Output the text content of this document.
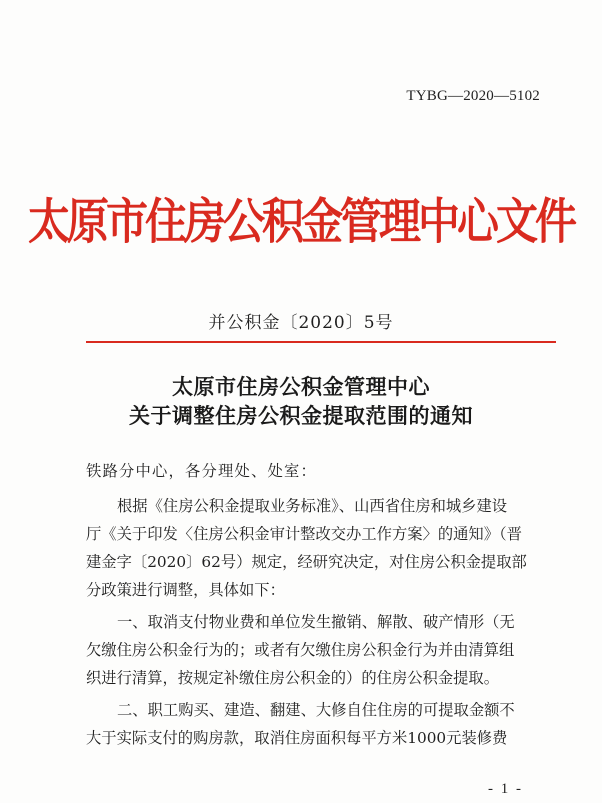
TYBG—2020—5102
太原市住房公积金管理中心文件
并公积金〔2020〕5号
太原市住房公积金管理中心
关于调整住房公积金提取范围的通知
铁路分中心，各分理处、处室：
根据《住房公积金提取业务标准》、山西省住房和城乡建设
厅《关于印发〈住房公积金审计整改交办工作方案〉的通知》（晋
建金字〔2020〕62号）规定，经研究决定，对住房公积金提取部
分政策进行调整，具体如下：
一、取消支付物业费和单位发生撤销、解散、破产情形（无
欠缴住房公积金行为的；或者有欠缴住房公积金行为并由清算组
织进行清算，按规定补缴住房公积金的）的住房公积金提取。
二、职工购买、建造、翻建、大修自住住房的可提取金额不
大于实际支付的购房款，取消住房面积每平方米1000元装修费
- 1 -
